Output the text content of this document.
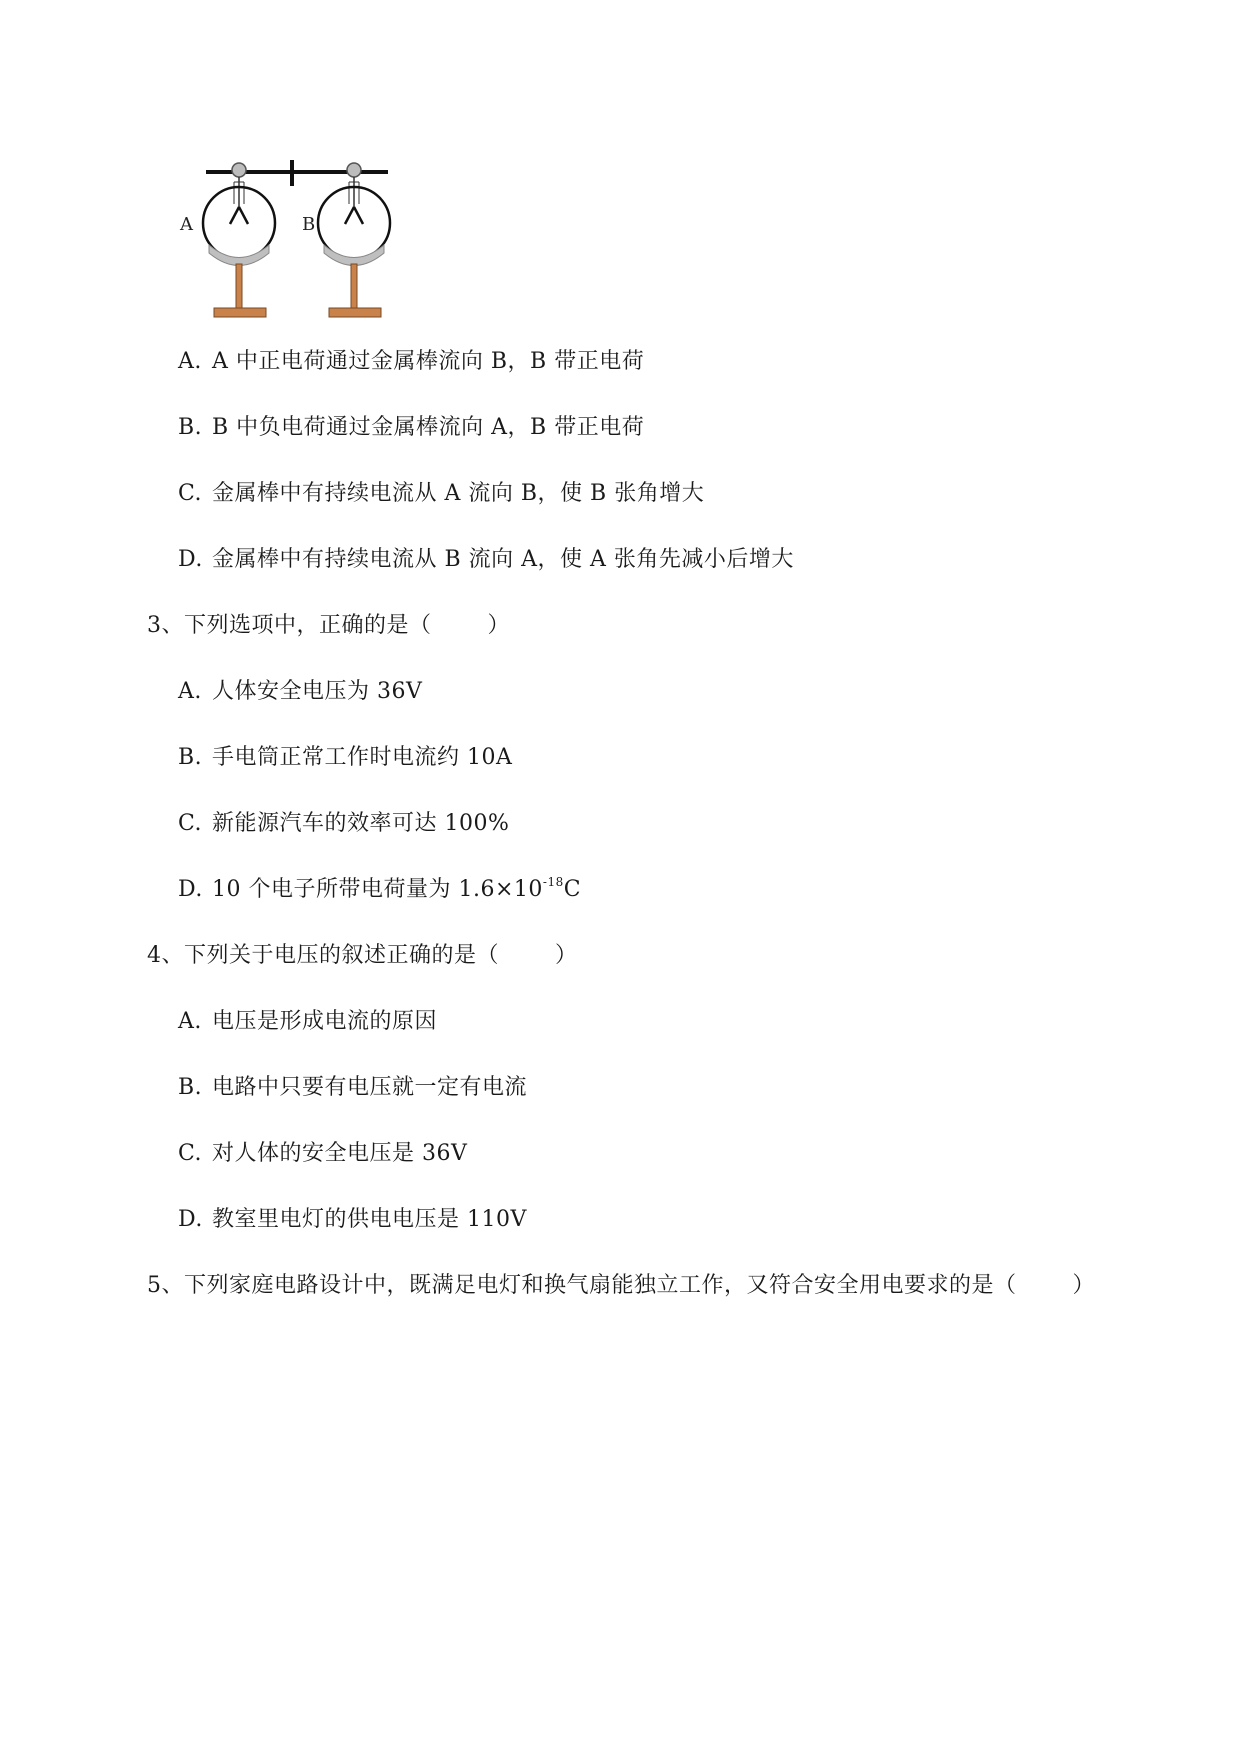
A	B
A. A 中正电荷通过金属棒流向 B，B 带正电荷
B. B 中负电荷通过金属棒流向 A，B 带正电荷
C. 金属棒中有持续电流从 A 流向 B，使 B 张角增大
D. 金属棒中有持续电流从 B 流向 A，使 A 张角先减小后增大
3、下列选项中，正确的是（	）
A. 人体安全电压为 36V
B. 手电筒正常工作时电流约 10A
C. 新能源汽车的效率可达 100%
D. 10 个电子所带电荷量为 $1.6\times 10^{-18}C$
4、下列关于电压的叙述正确的是（	）
A. 电压是形成电流的原因
B. 电路中只要有电压就一定有电流
C. 对人体的安全电压是 36V
D. 教室里电灯的供电电压是 110V
5、下列家庭电路设计中，既满足电灯和换气扇能独立工作，又符合安全用电要求的是（	）
